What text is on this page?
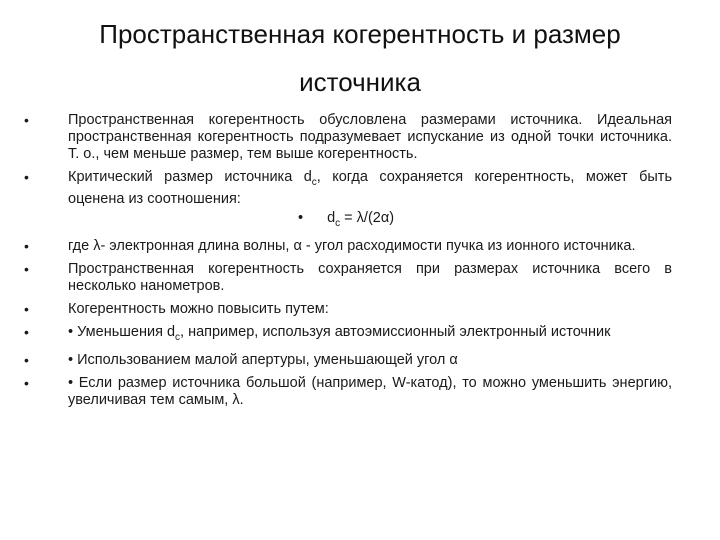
Пространственная когерентность и размер источника
• Пространственная когерентность обусловлена размерами источника. Идеальная пространственная когерентность подразумевает испускание из одной точки источника. Т. о., чем меньше размер, тем выше когерентность.
• Критический размер источника $d_c$, когда сохраняется когерентность, может быть оценена из соотношения:
• $d_c = \lambda/(2\alpha)$
• где λ- электронная длина волны, α - угол расходимости пучка из ионного источника.
• Пространственная когерентность сохраняется при размерах источника всего в несколько нанометров.
• Когерентность можно повысить путем:
• • Уменьшения $d_c$, например, используя автоэмиссионный электронный источник
• • Использованием малой апертуры, уменьшающей угол α
• • Если размер источника большой (например, W-катод), то можно уменьшить энергию, увеличивая тем самым, λ.
